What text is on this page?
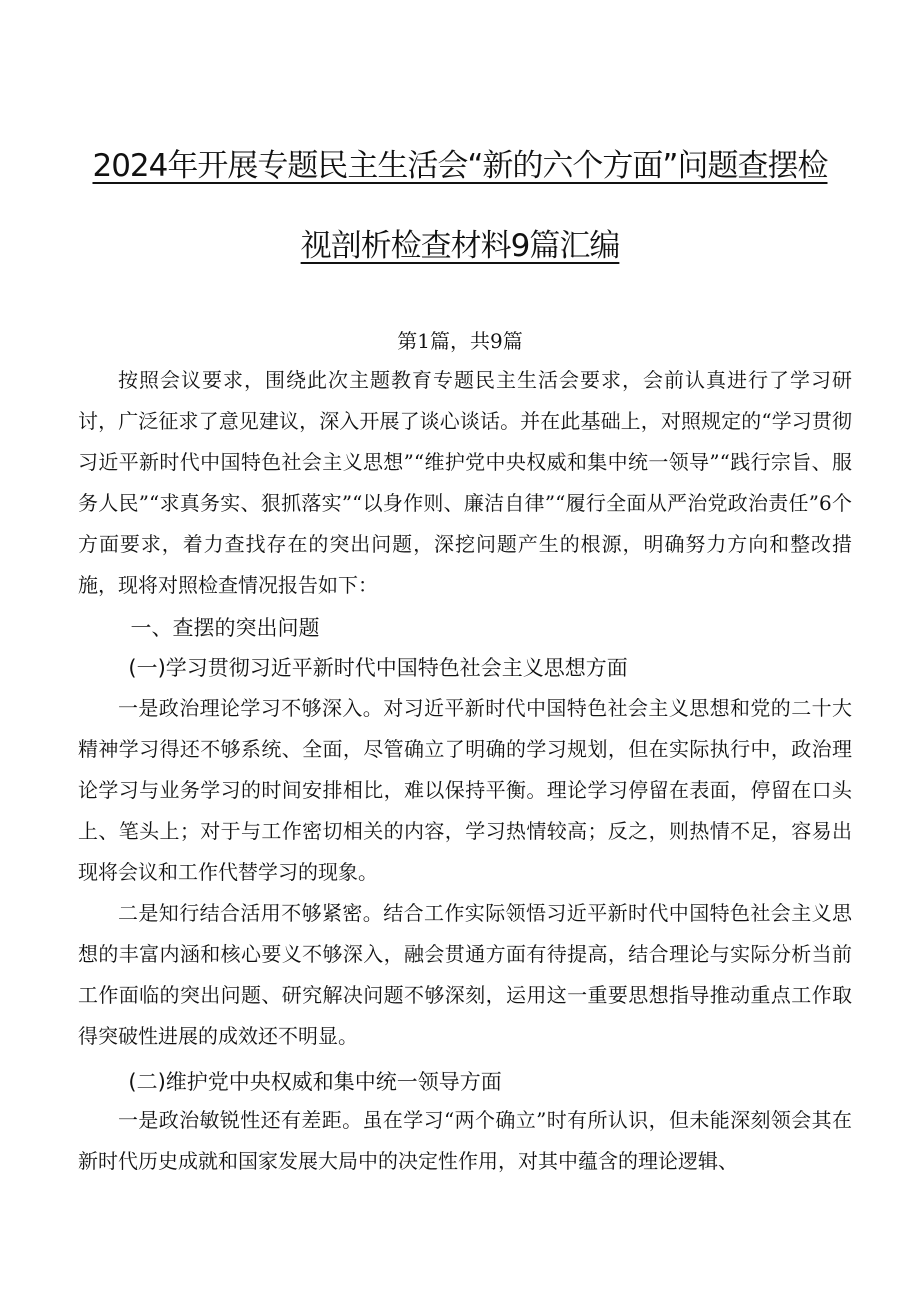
2024年开展专题民主生活会“新的六个方面”问题查摆检
视剖析检查材料9篇汇编
第1篇，共9篇

按照会议要求，围绕此次主题教育专题民主生活会要求，会前认真进行了学习研讨，广泛征求了意见建议，深入开展了谈心谈话。并在此基础上，对照规定的“学习贯彻习近平新时代中国特色社会主义思想”“维护党中央权威和集中统一领导”“践行宗旨、服务人民”“求真务实、狠抓落实”“以身作则、廉洁自律”“履行全面从严治党政治责任”6个方面要求，着力查找存在的突出问题，深挖问题产生的根源，明确努力方向和整改措施，现将对照检查情况报告如下：

一、查摆的突出问题
(一)学习贯彻习近平新时代中国特色社会主义思想方面

一是政治理论学习不够深入。对习近平新时代中国特色社会主义思想和党的二十大精神学习得还不够系统、全面，尽管确立了明确的学习规划，但在实际执行中，政治理论学习与业务学习的时间安排相比，难以保持平衡。理论学习停留在表面，停留在口头上、笔头上；对于与工作密切相关的内容，学习热情较高；反之，则热情不足，容易出现将会议和工作代替学习的现象。

二是知行结合活用不够紧密。结合工作实际领悟习近平新时代中国特色社会主义思想的丰富内涵和核心要义不够深入，融会贯通方面有待提高，结合理论与实际分析当前工作面临的突出问题、研究解决问题不够深刻，运用这一重要思想指导推动重点工作取得突破性进展的成效还不明显。

(二)维护党中央权威和集中统一领导方面

一是政治敏锐性还有差距。虽在学习“两个确立”时有所认识，但未能深刻领会其在新时代历史成就和国家发展大局中的决定性作用，对其中蕴含的理论逻辑、
